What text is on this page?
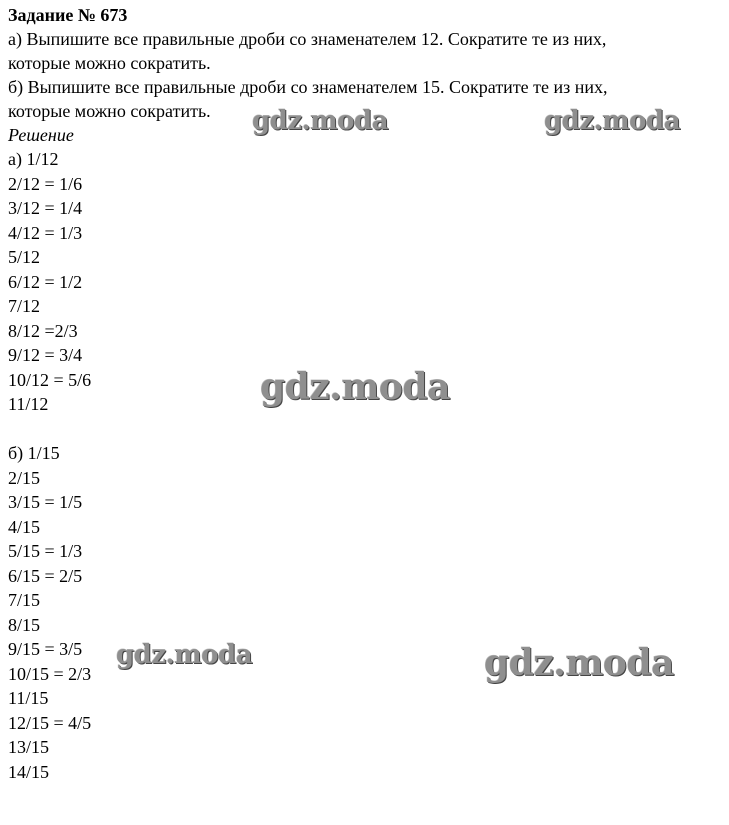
Задание № 673
а) Выпишите все правильные дроби со знаменателем 12. Сократите те из них,
которые можно сократить.
б) Выпишите все правильные дроби со знаменателем 15. Сократите те из них,
которые можно сократить.
Решение
а) 1/12
2/12 = 1/6
3/12 = 1/4
4/12 = 1/3
5/12
6/12 = 1/2
7/12
8/12 =2/3
9/12 = 3/4
10/12 = 5/6
11/12
б) 1/15
2/15
3/15 = 1/5
4/15
5/15 = 1/3
6/15 = 2/5
7/15
8/15
9/15 = 3/5
10/15 = 2/3
11/15
12/15 = 4/5
13/15
14/15
gdz.moda	gdz.moda
gdz.moda
gdz.moda	gdz.moda
